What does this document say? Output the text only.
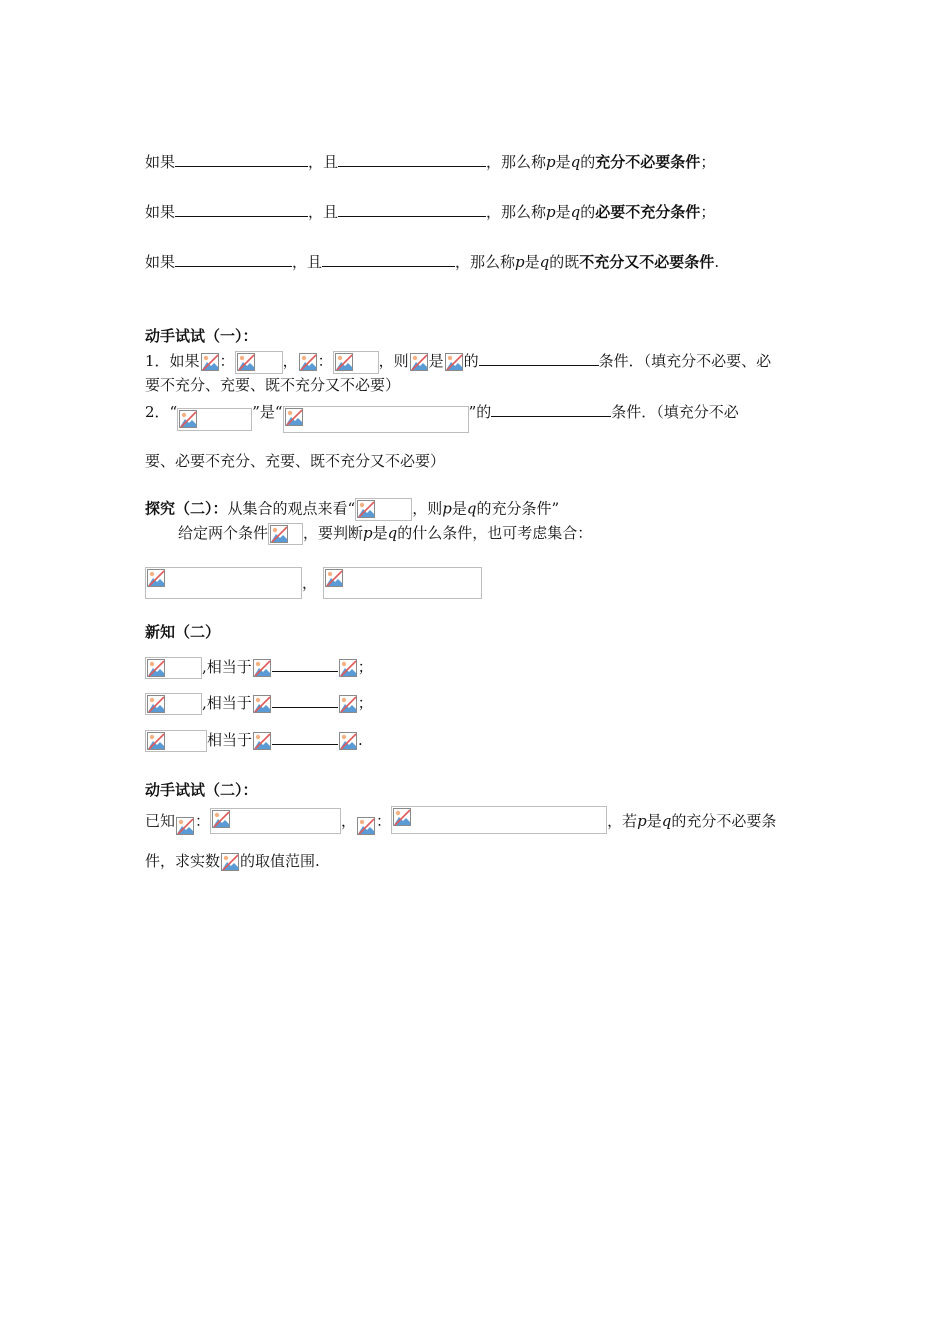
如果	，且	，那么称p是q的充分不必要条件；
如果	，且	，那么称p是q的必要不充分条件；
如果	，且	，那么称p是q的既不充分又不必要条件.
动手试试（一）：
1．如果 ：	， ：	，则 是 的	条件．（填充分不必要、必
要不充分、充要、既不充分又不必要）
2．“	”是“	”的	条件．（填充分不必
要、必要不充分、充要、既不充分又不必要）
探究（二）：从集合的观点来看“	，则p是q的充分条件”
给定两个条件 ，要判断p是q的什么条件，也可考虑集合：
，
新知（二）
,相当于	；
,相当于	；
相当于	.
动手试试（二）：
已知 ：	， ：	，若p是q的充分不必要条
件，求实数 的取值范围.
